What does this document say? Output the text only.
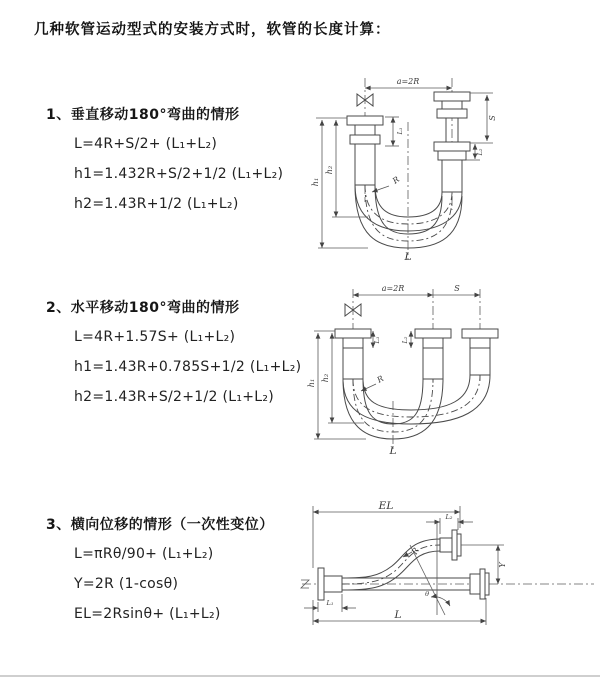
几种软管运动型式的安装方式时，软管的长度计算：
1、垂直移动180°弯曲的情形
L=4R+S/2+ (L₁+L₂)
h1=1.432R+S/2+1/2 (L₁+L₂)
h2=1.43R+1/2 (L₁+L₂)
a=2R
h₁
h₂
L₁
S
L₂
R
L
2、水平移动180°弯曲的情形
L=4R+1.57S+ (L₁+L₂)
h1=1.43R+0.785S+1/2 (L₁+L₂)
h2=1.43R+S/2+1/2 (L₁+L₂)
a=2R	S
h₁
h₂
L₁	L₂
R
L
3、横向位移的情形（一次性变位）
L=πRθ/90+ (L₁+L₂)
Y=2R (1-cosθ)
EL=2Rsinθ+ (L₁+L₂)
EL
L₂
L₁
Y
θ
R
L
